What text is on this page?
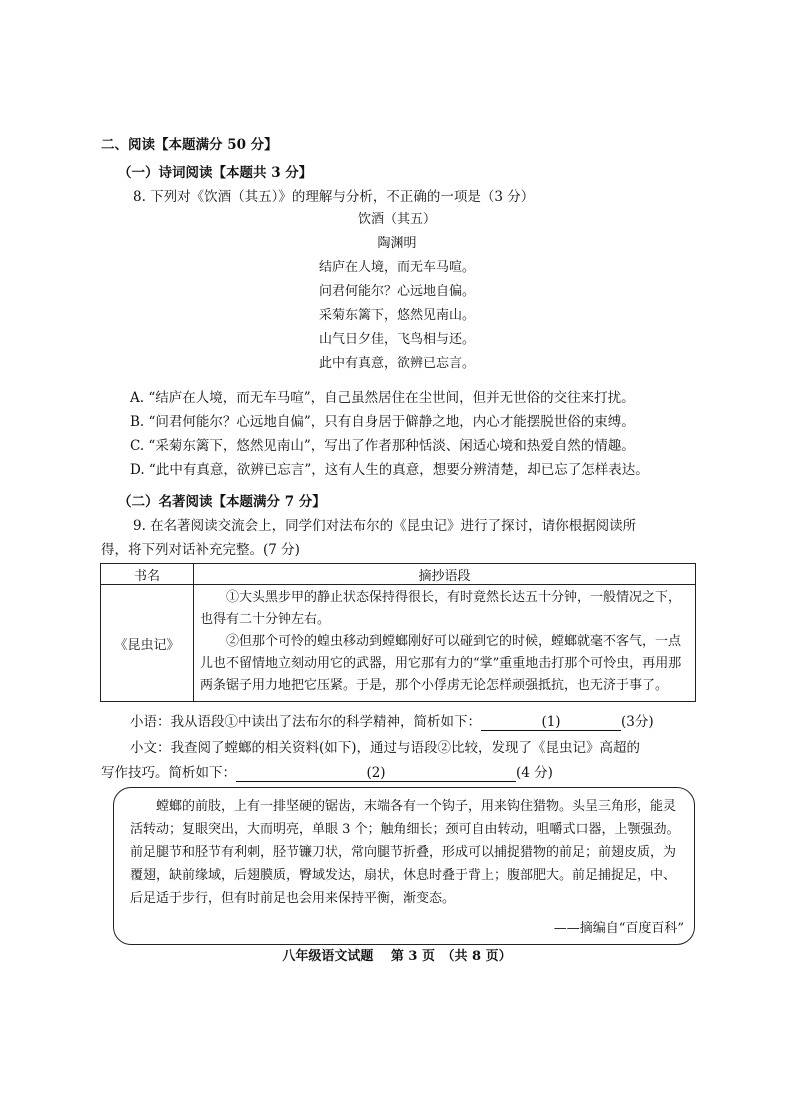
二、阅读【本题满分 50 分】
（一）诗词阅读【本题共 3 分】
8. 下列对《饮酒（其五）》的理解与分析，不正确的一项是（3 分）
饮酒（其五）
陶渊明
结庐在人境，而无车马喧。
问君何能尔？心远地自偏。
采菊东篱下，悠然见南山。
山气日夕佳，飞鸟相与还。
此中有真意，欲辨已忘言。
A. “结庐在人境，而无车马喧”，自己虽然居住在尘世间，但并无世俗的交往来打扰。
B. “问君何能尔？心远地自偏”，只有自身居于僻静之地，内心才能摆脱世俗的束缚。
C. “采菊东篱下，悠然见南山”，写出了作者那种恬淡、闲适心境和热爱自然的情趣。
D. “此中有真意，欲辨已忘言”，这有人生的真意，想要分辨清楚，却已忘了怎样表达。
（二）名著阅读【本题满分 7 分】
9. 在名著阅读交流会上，同学们对法布尔的《昆虫记》进行了探讨，请你根据阅读所
得，将下列对话补充完整。(7 分)
书名	摘抄语段
《昆虫记》	①大头黑步甲的静止状态保持得很长，有时竟然长达五十分钟，一般情况之下，也得有二十分钟左右。

②但那个可怜的蝗虫移动到螳螂刚好可以碰到它的时候，螳螂就毫不客气，一点儿也不留情地立刻动用它的武器，用它那有力的“掌”重重地击打那个可怜虫，再用那两条锯子用力地把它压紧。于是，那个小俘虏无论怎样顽强抵抗，也无济于事了。

小语：我从语段①中读出了法布尔的科学精神，简析如下：	(1)	(3分)
小文：我查阅了螳螂的相关资料(如下)，通过与语段②比较，发现了《昆虫记》高超的
写作技巧。简析如下：	(2)	(4 分)

螳螂的前肢，上有一排坚硬的锯齿，末端各有一个钩子，用来钩住猎物。头呈三角形，能灵活转动；复眼突出，大而明亮，单眼 3 个；触角细长；颈可自由转动，咀嚼式口器，上颚强劲。前足腿节和胫节有利刺，胫节镰刀状，常向腿节折叠，形成可以捕捉猎物的前足；前翅皮质，为覆翅，缺前缘域，后翅膜质，臀域发达，扇状，休息时叠于背上；腹部肥大。前足捕捉足，中、后足适于步行，但有时前足也会用来保持平衡，渐变态。

——摘编自“百度百科”
八年级语文试题　 第 3 页　（共 8 页）
